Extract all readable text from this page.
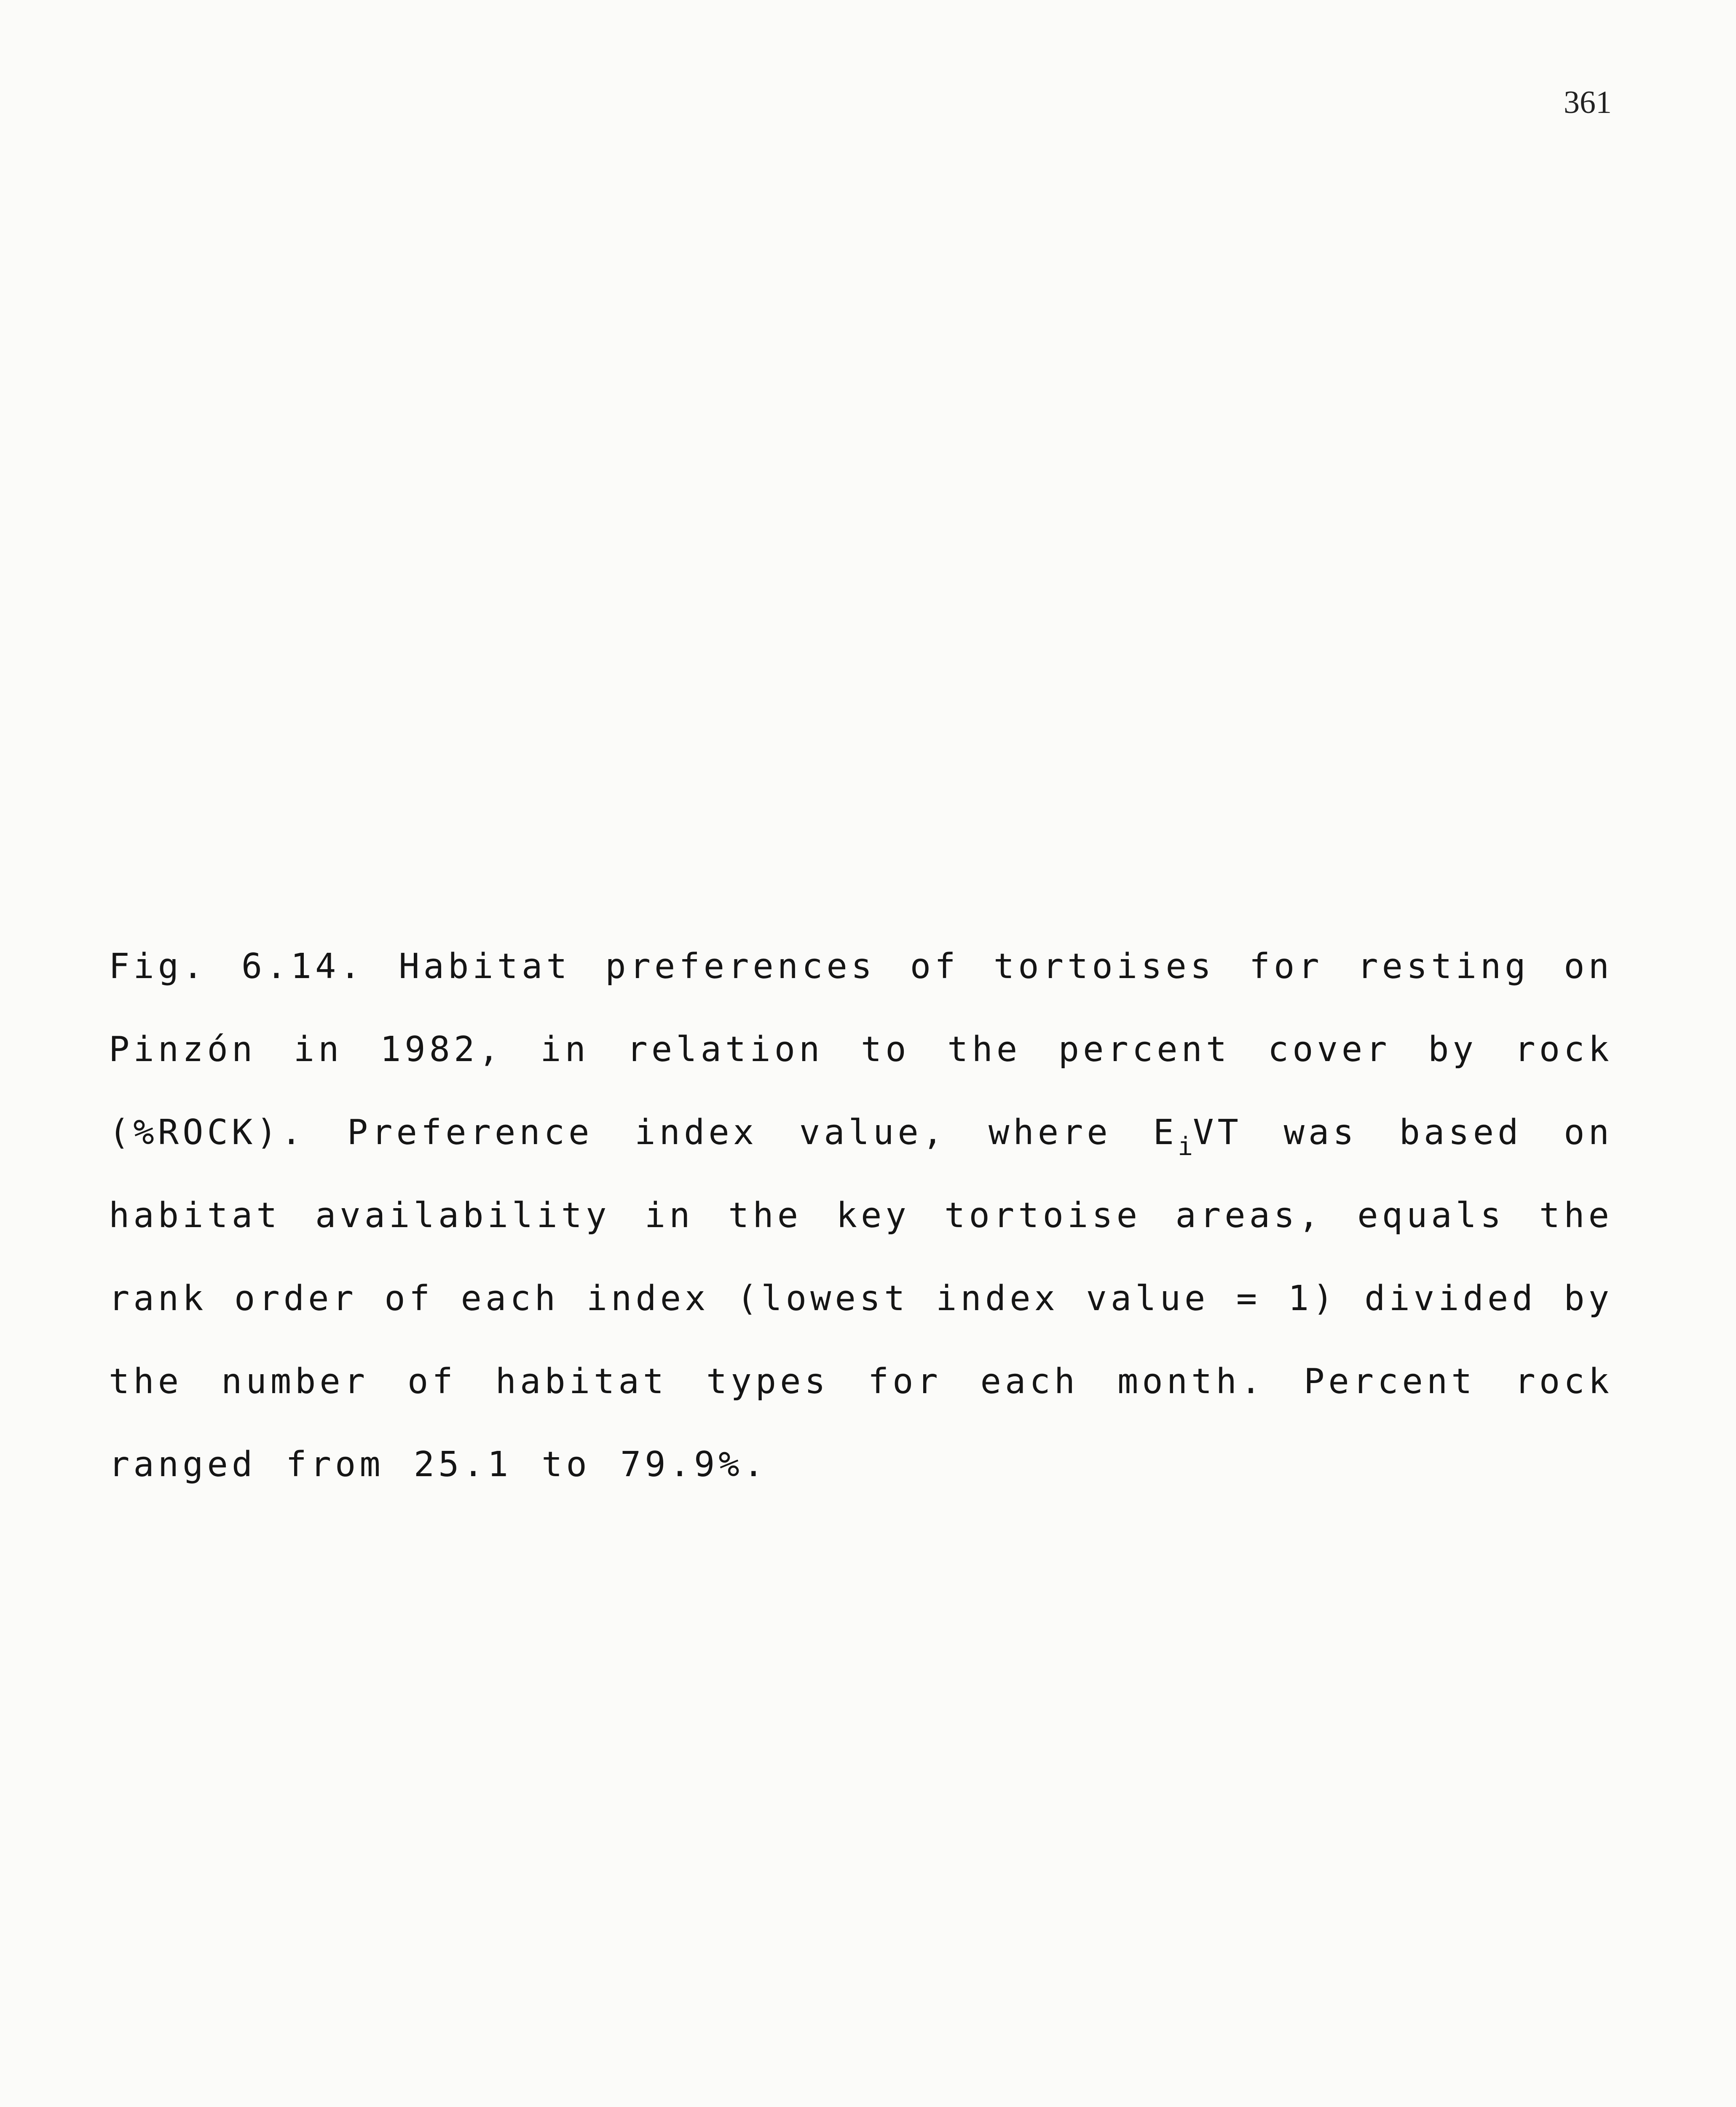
361
Fig. 6.14. Habitat preferences of tortoises for resting on
Pinzón in 1982, in relation to the percent cover by rock
(%ROCK). Preference index value, where $E_iVT$ was based on
habitat availability in the key tortoise areas, equals the
rank order of each index (lowest index value = 1) divided by
the number of habitat types for each month. Percent rock
ranged from 25.1 to 79.9%.
